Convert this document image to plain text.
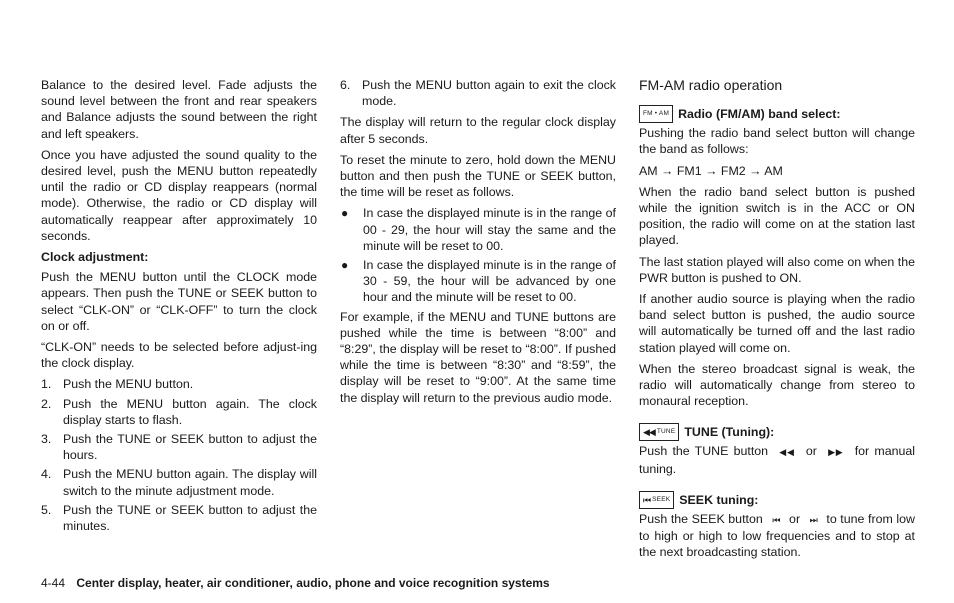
Balance to the desired level. Fade adjusts the sound level between the front and rear speakers and Balance adjusts the sound between the right and left speakers.

Once you have adjusted the sound quality to the desired level, push the MENU button repeatedly until the radio or CD display reappears (normal mode). Otherwise, the radio or CD display will automatically reappear after approximately 10 seconds.

Clock adjustment:

Push the MENU button until the CLOCK mode appears. Then push the TUNE or SEEK button to select “CLK-ON” or “CLK-OFF” to turn the clock on or off.

“CLK-ON” needs to be selected before adjust-ing the clock display.

1. Push the MENU button.
2. Push the MENU button again. The clock display starts to flash.
3. Push the TUNE or SEEK button to adjust the hours.
4. Push the MENU button again. The display will switch to the minute adjustment mode.
5. Push the TUNE or SEEK button to adjust the minutes.
6. Push the MENU button again to exit the clock mode.

The display will return to the regular clock display after 5 seconds.

To reset the minute to zero, hold down the MENU button and then push the TUNE or SEEK button, the time will be reset as follows.

●	In case the displayed minute is in the range of 00 - 29, the hour will stay the same and the minute will be reset to 00.
●	In case the displayed minute is in the range of 30 - 59, the hour will be advanced by one hour and the minute will be reset to 00.

For example, if the MENU and TUNE buttons are pushed while the time is between “8:00” and “8:29”, the display will be reset to “8:00”. If pushed while the time is between “8:30” and “8:59”, the display will be reset to “9:00”. At the same time the display will return to the previous audio mode.

FM-AM radio operation
FM • AM Radio (FM/AM) band select:

Pushing the radio band select button will change the band as follows:

AM → FM1 → FM2 → AM

When the radio band select button is pushed while the ignition switch is in the ACC or ON position, the radio will come on at the station last played.

The last station played will also come on when the PWR button is pushed to ON.

If another audio source is playing when the radio band select button is pushed, the audio source will automatically be turned off and the last radio station played will come on.

When the stereo broadcast signal is weak, the radio will automatically change from stereo to monaural reception.

◀◀
TUNE TUNE (Tuning):

Push the TUNE button ◀◀ or ▶▶ for manual tuning.

⏮
SEEK SEEK tuning:

Push the SEEK button ⏮ or ⏭ to tune from low to high or high to low frequencies and to stop at the next broadcasting station.

4-44 Center display, heater, air conditioner, audio, phone and voice recognition systems
